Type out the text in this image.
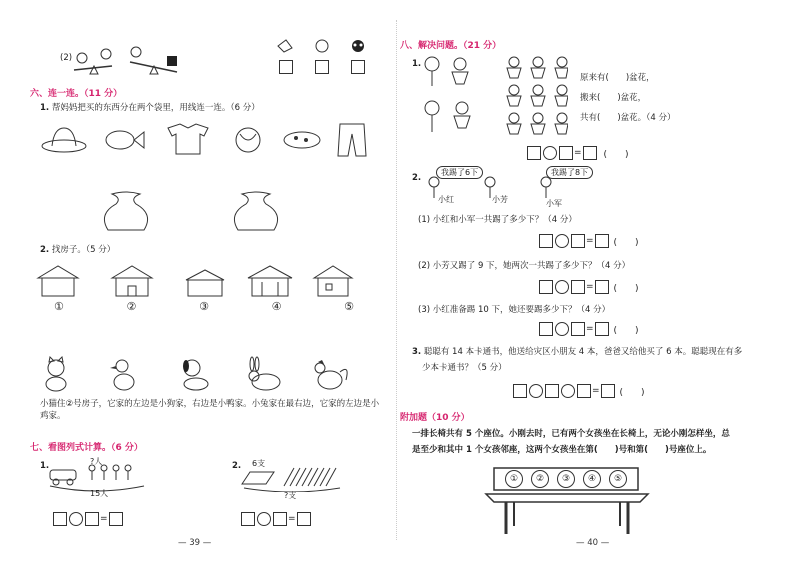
(2)
六、连一连。（11 分）
1. 帮妈妈把买的东西分在两个袋里，用线连一连。（6 分）
2. 找房子。（5 分）
①	②	③	④	⑤
小猫住②号房子，它家的左边是小狗家，右边是小鸭家。小兔家在最右边，它家的左边是小鸡家。
七、看图列式计算。（6 分）
1.	?人
15人
=
2. 6支
?支
=
— 39 —
八、解决问题。（21 分）
1.
原来有(　　)盆花，
搬来(　　)盆花，
共有(　　)盆花。（4 分）
= (　　)
2.
我踢了6下	我踢了8下
小红	小芳	小军
(1) 小红和小军一共踢了多少下？（4 分）
= (　　)
(2) 小芳又踢了 9 下，她两次一共踢了多少下？（4 分）
= (　　)
(3) 小红准备踢 10 下，她还要踢多少下？（4 分）
= (　　)
3. 聪聪有 14 本卡通书，他送给灾区小朋友 4 本，爸爸又给他买了 6 本。聪聪现在有多
少本卡通书？（5 分）
= (　　)
附加题（10 分）
一排长椅共有 5 个座位。小刚去时，已有两个女孩坐在长椅上，无论小刚怎样坐，总
是至少和其中 1 个女孩邻座，这两个女孩坐在第(　　)号和第(　　)号座位上。
①	②	③	④	⑤
— 40 —
